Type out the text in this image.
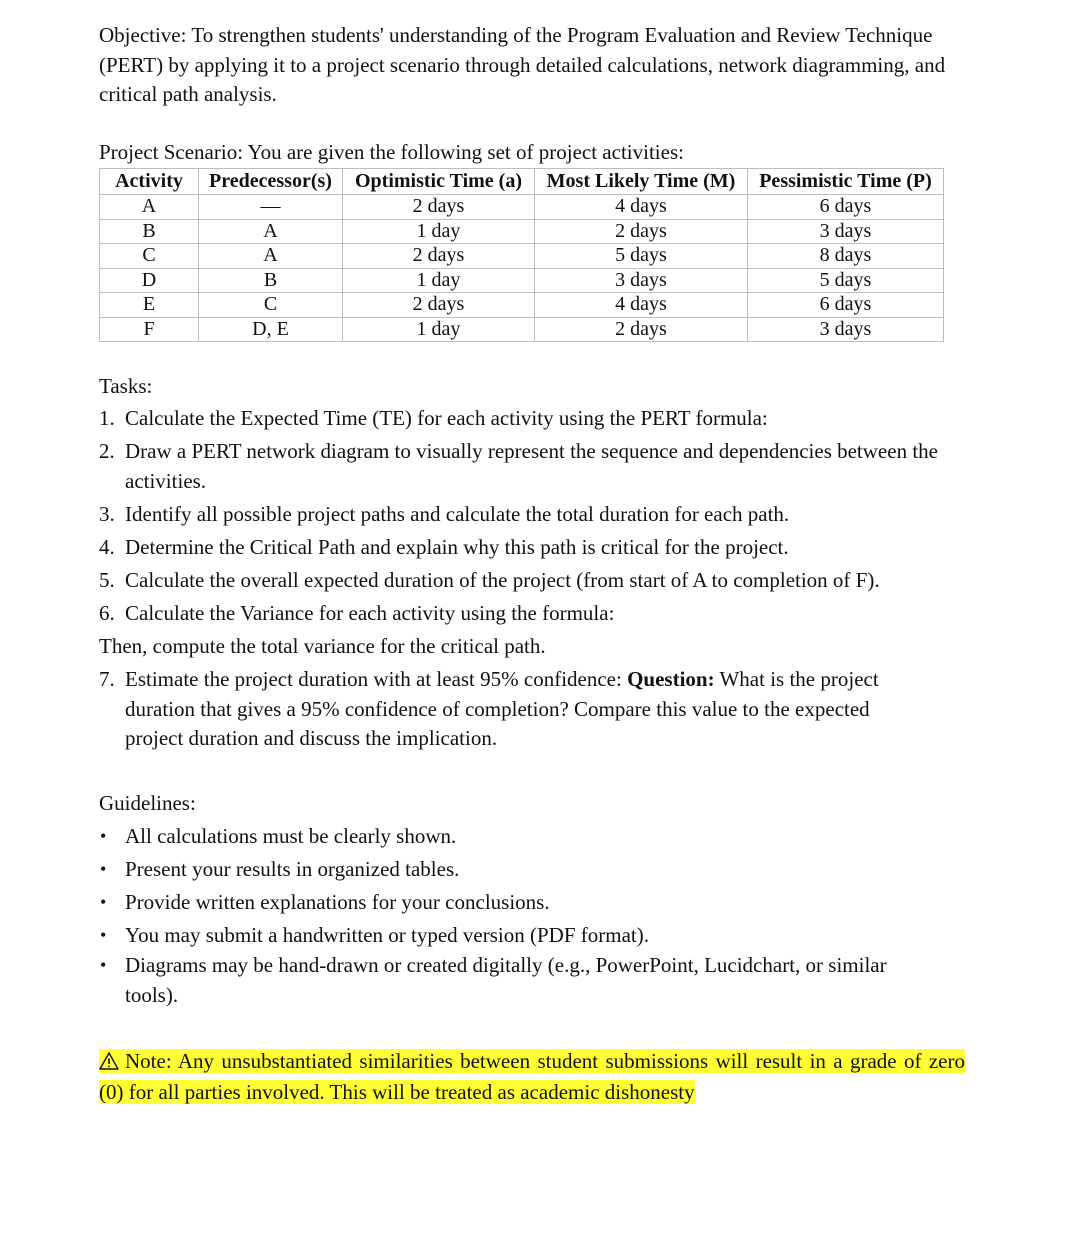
Objective: To strengthen students' understanding of the Program Evaluation and Review Technique (PERT) by applying it to a project scenario through detailed calculations, network diagramming, and critical path analysis.
Project Scenario: You are given the following set of project activities:
Activity	Predecessor(s)	Optimistic Time (a)	Most Likely Time (M)	Pessimistic Time (P)
A	—	2 days	4 days	6 days
B	A	1 day	2 days	3 days
C	A	2 days	5 days	8 days
D	B	1 day	3 days	5 days
E	C	2 days	4 days	6 days
F	D, E	1 day	2 days	3 days
Tasks:
1. Calculate the Expected Time (TE) for each activity using the PERT formula:
2. Draw a PERT network diagram to visually represent the sequence and dependencies between the activities.
3. Identify all possible project paths and calculate the total duration for each path.
4. Determine the Critical Path and explain why this path is critical for the project.
5. Calculate the overall expected duration of the project (from start of A to completion of F).
6. Calculate the Variance for each activity using the formula:
Then, compute the total variance for the critical path.
7. Estimate the project duration with at least 95% confidence: Question: What is the project duration that gives a 95% confidence of completion? Compare this value to the expected project duration and discuss the implication.
Guidelines:
• All calculations must be clearly shown.
• Present your results in organized tables.
• Provide written explanations for your conclusions.
• You may submit a handwritten or typed version (PDF format).
• Diagrams may be hand-drawn or created digitally (e.g., PowerPoint, Lucidchart, or similar tools).
Note: Any unsubstantiated similarities between student submissions will result in a grade of zero (0) for all parties involved. This will be treated as academic dishonesty
